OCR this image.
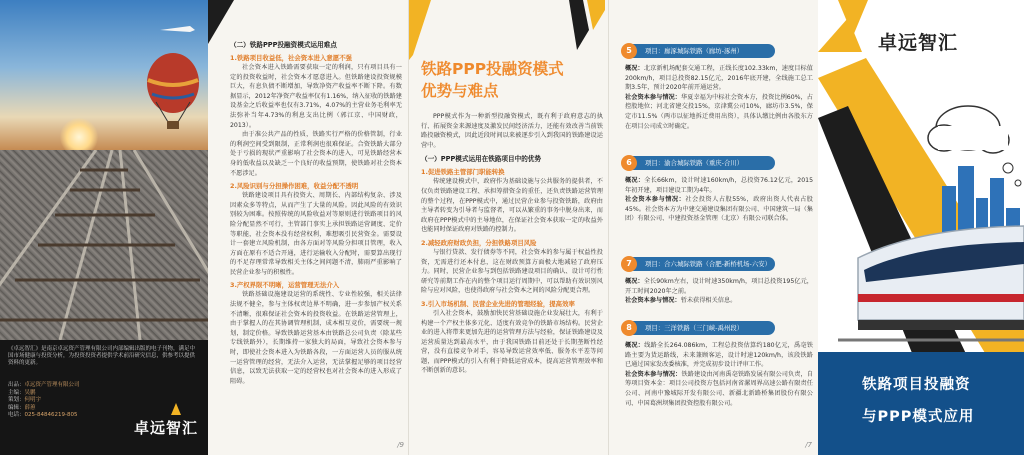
《卓远智汇》是南京卓远资产管理有限公司内部编辑出版的电子刊物，满足中国市场健康与投资分析，为投资投资者提供学术前沿研究信息，供参考以提供资料的更新。
出品：卓远资产管理有限公司
主编：吴鹏
策划：何明宇
编辑：薛蕙
电话：025-84846219-805
卓远智汇
（二）铁路PPP投融资模式运用难点
1.铁路项目收益低，社会资本进入意愿不强

社会资本进入铁路需要获取一定的利润，只有项目具有一定的投资收益时，社会资本才愿意进入。但铁路建设投资规模巨大，有息负债不断增加，导致净资产收益率不断下降。有数据显示，2012年净资产收益率仅有1.16%，纳入征收的铁路建设基金之后收益率也仅有3.71%，4.07%的主营业务毛利率无法弥补当年4.73%的利息支出比例（郭江京、中国财政，2013）。

由于准公共产品的性质，铁路实行严格的价格管制，行业的利润空间受到限制，正常利润也很难保证。合资铁路大部分处于亏损的现状严重影响了社会资本的进入，可见铁路经营本身的低收益以及缺乏一个良好的收益预期，使铁路对社会资本不愿涉足。

2.风险识别与分担操作困难，收益分配不透明

铁路建设项目具有投资大、周期长、内部结构复杂、涉及因素众多等特点，从而产生了大量的风险。因此风险的有效识别较为困难。按照传统的风险收益对等原则进行铁路项目的风险分配显然不可行，主管部门事实上承担铁路运营调度、定价等职能，社会资本没有经营权利，难想吸引民营资金。需要设计一套建立风险机制，由各方面对等风险分担项目管理，收入方面在原有不适合开通，进行运输收入分配时，需要算出现行的不足存理常常导致相关主体之间问题不清，肺雨严重影响了民营企业参与的积极性。

3.产权界限不明晰，运营管理无法介入

铁路基础设施建设运营的系统性、专业性较强，相关法律法规不健全，参与主体权责边界不明确，进一步参加产权关系不清晰，很难保证社会资本的投资收益。在铁路运营管理上，由于掌握人的在其协调管理机制，成本相互竞价，需要统一规划，制定价格。导致铁路运营基本由铁路总公司负责（除某些专线铁路外），长期维持一家独大的局面，导致社会资本参与时，即使社会资本进入为铁路各段，一方面运营人员的服从统一运营管理的经营，无法介入运营，无法掌握足够的项目经营信息，以致无法获取一定的经营权也对社会资本的进入形成了阻碍。

/9
铁路PPP投融资模式
优势与难点

PPP模式作为一种新型投融资模式，既有利于政府意志的执行、拓展资金来源速度及激发民间经济活力，还能有效改善当前铁路投融资模式，因此近段时间以来被逐步引入到我国的铁路建设运营中。

（一）PPP模式运用在铁路项目中的优势
1.促进铁路主管部门职能转换

传统建设模式中，政府作为基础设施与公共服务的提供者，不仅负责铁路建设工程、承担筹措资金的重任，还负责铁路运营管理的整个过程，在PPP模式中，通过民营企业参与投资铁路，政府由主导者转变为引导者与监督者，可以从繁重的事务中脱身出来，而政府在PPP模式中的主导地位，在保证社会资本获取一定的收益外也能同时保证政府对铁路的控制力。

2.减轻政府财政负担，分担铁路项目风险

与银行贷款、发行债券等不同，社会资本的参与属于权益性投资，无需进行还本付息，这在财政预算方面极大地减轻了政府压力。同时，民营企业参与到包括铁路建设项目的确认、设计可行性研究等前期工作在内的整个项目运行周期中，可以帮助有效识别风险与应对风险，也使得政府与社会资本之间的风险分配更合理。

3.引入市场机制、民营企业先进的管理经验，提高效率

引入社会资本，鼓励加快民营基础设施企业发展壮大，有利于构建一个产权主体多元化、适度有效竞争的铁路市场结构。民营企业的进入将带来更加先进的运营管理方法与经验，保证铁路建设及运营质量达到最高水平，由于我国铁路目前还处于长期垄断性经营，没有直接竞争对手，容易导致运营效率低、服务水平差等问题，而PPP模式的引入有利于降低运营成本，提高运营管理效率和不断创新的意识。

5	项目：廊涿城际铁路（廊坊-涿州）
概况：北京新机场配套交通工程，正线长度102.33km，速度目标值200km/h，项目总投资82.15亿元，2016年底开建，全线施工总工期3.5年，预计2020年前开通运营。
社会资本参与情况：华夏幸福为中标社会资本方，投资比例60%，占控股地位；河北省建交投15%，京津冀公司10%，廊坊市3.5%，保定市11.5%（两市以征地拆迁费用出资），具体认缴比例由各股东方在项目公司成立时确定。
6	项目：渝合城际铁路（重庆-合川）
概况：全长66km，设计时速160km/h，总投资76.12亿元，2015年初开建，项目建设工期为4年。
社会资本参与情况：社会投资人占股55%，政府出资人代表占股45%。社会资本方为中建交通建设集团有限公司、中国建筑一局（集团）有限公司、中建投资基金管理（北京）有限公司联合体。
7	项目：合六城际铁路（合肥-新桥机场-六安）
概况：全长90km左右，设计时速350km/h，项目总投资195亿元，开工时间2020年之前。
社会资本参与情况：暂未获得相关信息。
8	项目：三洋铁路（三门峡-禹州段）
概况：线路全长264.086km，工程总投资估算约180亿元，禹亳铁路主要为货运路线，未来兼顾客运，设计时速120km/h，该段铁路已通过国家发改委核准，并完成初步设计评审工作。
社会资本参与情况：铁路建设由河南禹亳铁路发展有限公司负责，自筹项目资本金：项目公司投资方包括河南省漯周界高速公路有限责任公司、河南中豫城际开发有限公司、新疆北新路桥集团股份有限公司、中国葛洲坝集团投资控股有限公司。
/7
卓远智汇
铁路项目投融资
与PPP模式应用
